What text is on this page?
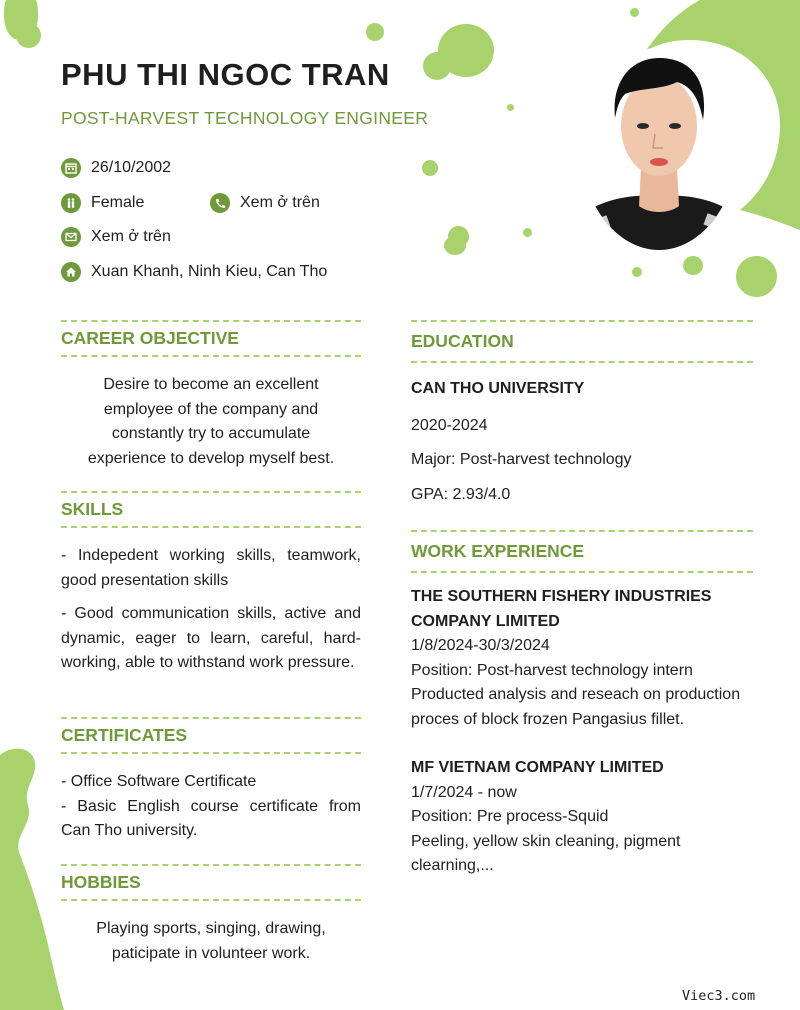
PHU THI NGOC TRAN
POST-HARVEST TECHNOLOGY ENGINEER
26/10/2002
Female	Xem ở trên
Xem ở trên
Xuan Khanh, Ninh Kieu, Can Tho
CAREER OBJECTIVE
Desire to become an excellent employee of the company and constantly try to accumulate experience to develop myself best.
SKILLS
- Indepedent working skills, teamwork, good presentation skills
- Good communication skills, active and dynamic, eager to learn, careful, hard-working, able to withstand work pressure.
CERTIFICATES
- Office Software Certificate
- Basic English course certificate from Can Tho university.
HOBBIES
Playing sports, singing, drawing, paticipate in volunteer work.
EDUCATION
CAN THO UNIVERSITY
2020-2024
Major: Post-harvest technology
GPA: 2.93/4.0
WORK EXPERIENCE
THE SOUTHERN FISHERY INDUSTRIES COMPANY LIMITED
1/8/2024-30/3/2024
Position: Post-harvest technology intern
Producted analysis and reseach on production proces of block frozen Pangasius fillet.
MF VIETNAM COMPANY LIMITED
1/7/2024 - now
Position: Pre process-Squid
Peeling, yellow skin cleaning, pigment clearning,...
Viec3.com
